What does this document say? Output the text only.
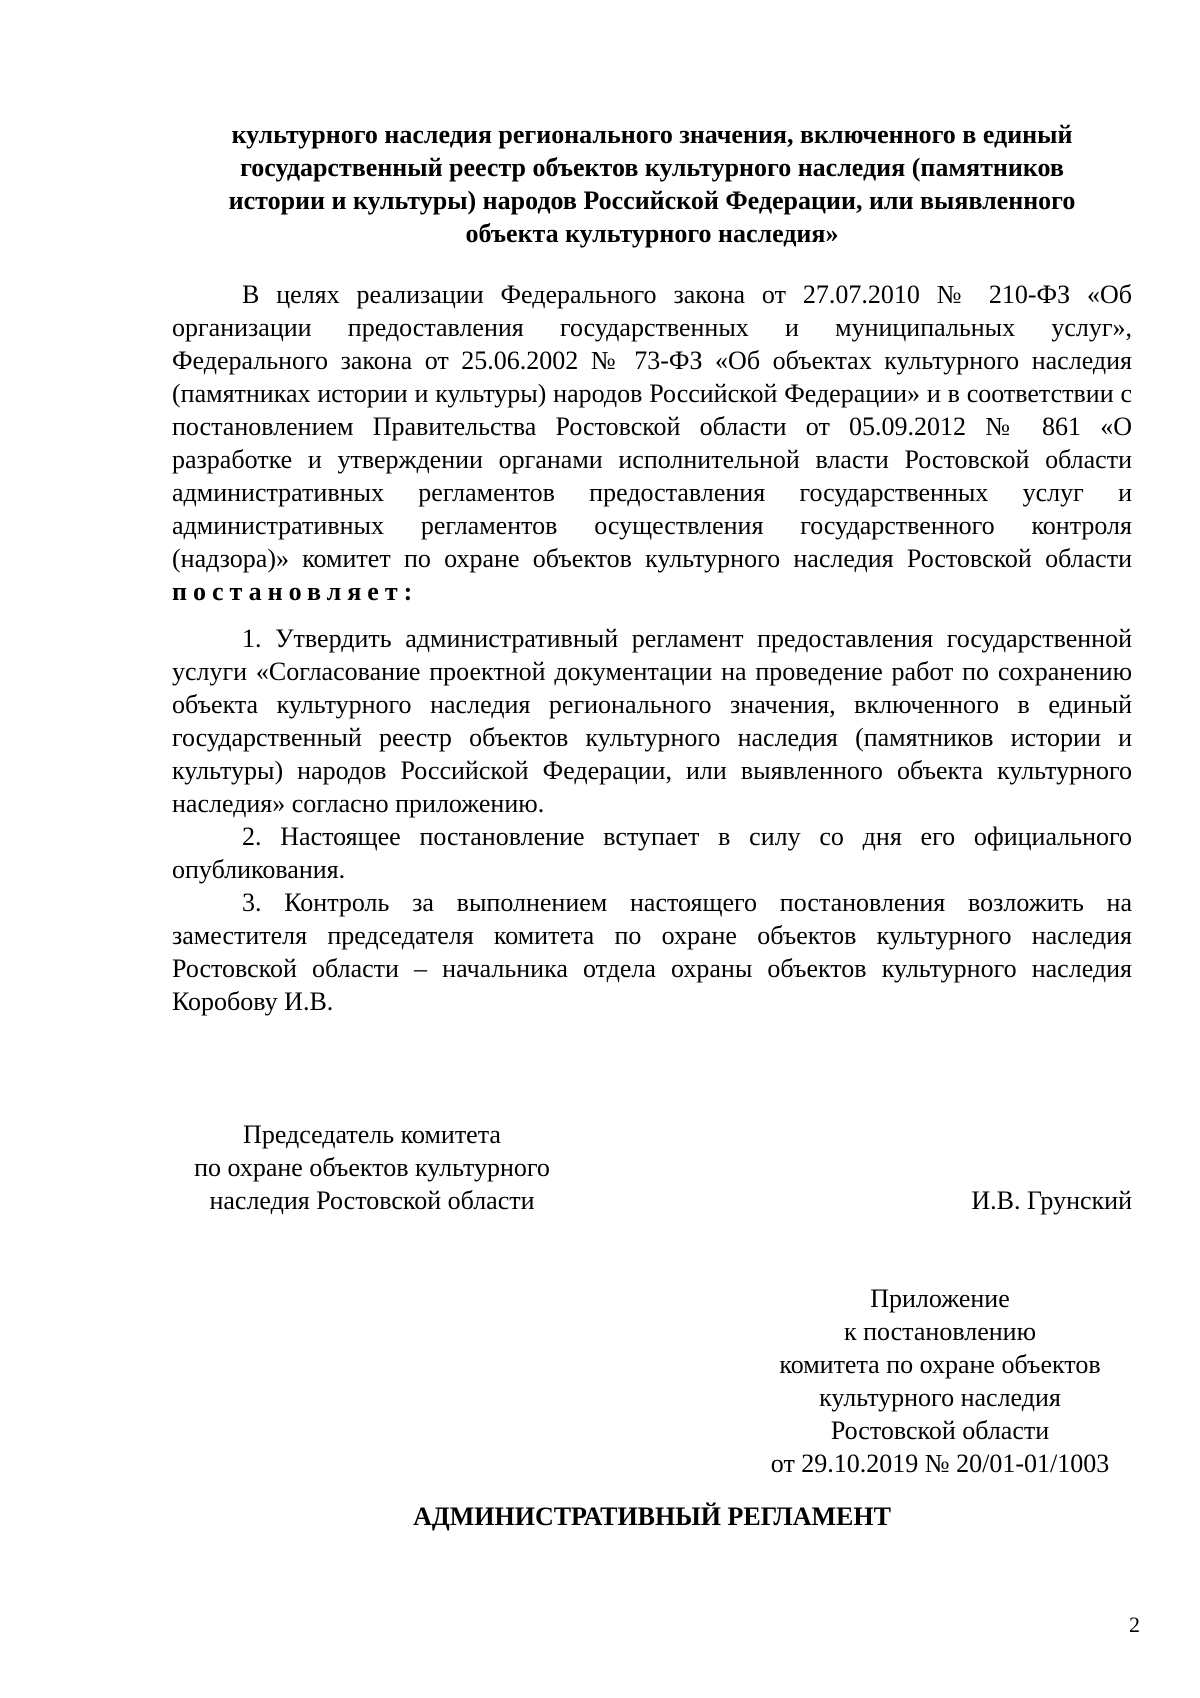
культурного наследия регионального значения, включенного в единый
государственный реестр объектов культурного наследия (памятников
истории и культуры) народов Российской Федерации, или выявленного
объекта культурного наследия»

В целях реализации Федерального закона от 27.07.2010 № 210-ФЗ «Об организации предоставления государственных и муниципальных услуг», Федерального закона от 25.06.2002 № 73-ФЗ «Об объектах культурного наследия (памятниках истории и культуры) народов Российской Федерации» и в соответствии с постановлением Правительства Ростовской области от 05.09.2012 № 861 «О разработке и утверждении органами исполнительной власти Ростовской области административных регламентов предоставления государственных услуг и административных регламентов осуществления государственного контроля (надзора)» комитет по охране объектов культурного наследия Ростовской области постановляет:

1. Утвердить административный регламент предоставления государственной услуги «Согласование проектной документации на проведение работ по сохранению объекта культурного наследия регионального значения, включенного в единый государственный реестр объектов культурного наследия (памятников истории и культуры) народов Российской Федерации, или выявленного объекта культурного наследия» согласно приложению.

2. Настоящее постановление вступает в силу со дня его официального опубликования.

3. Контроль за выполнением настоящего постановления возложить на заместителя председателя комитета по охране объектов культурного наследия Ростовской области – начальника отдела охраны объектов культурного наследия Коробову И.В.

Председатель комитета
по охране объектов культурного
наследия Ростовской области	И.В. Грунский
Приложение
к постановлению
комитета по охране объектов
культурного наследия
Ростовской области
от 29.10.2019 № 20/01-01/1003
АДМИНИСТРАТИВНЫЙ РЕГЛАМЕНТ
2
